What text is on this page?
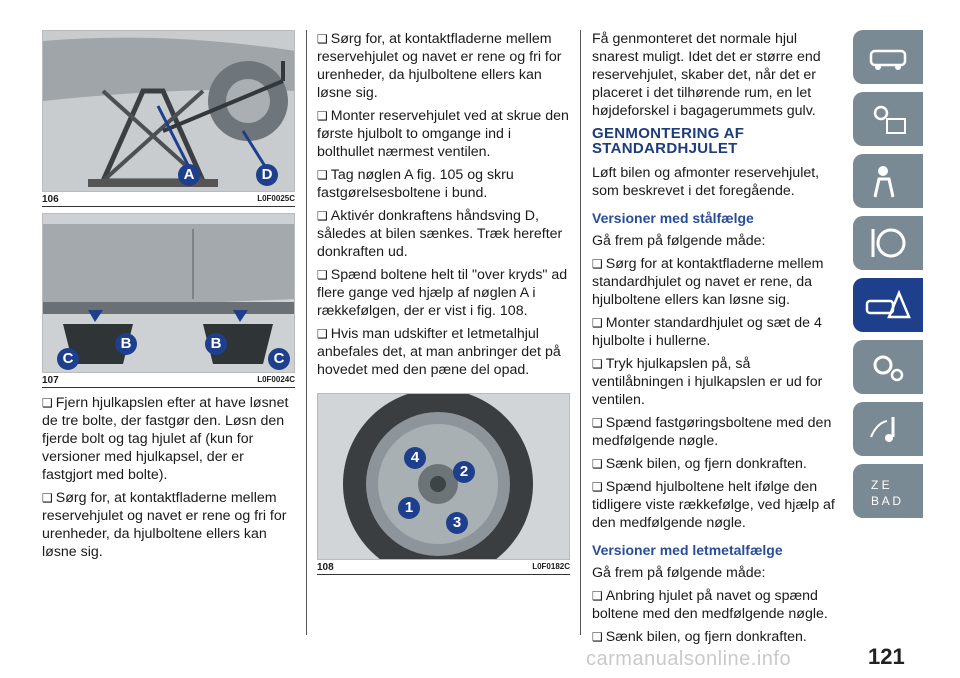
A	D
106	L0F0025C
C
B	B
C
107	L0F0024C

❑ Fjern hjulkapslen efter at have løsnet de tre bolte, der fastgør den. Løsn den fjerde bolt og tag hjulet af (kun for versioner med hjulkapsel, der er fastgjort med bolte).

❑ Sørg for, at kontaktfladerne mellem reservehjulet og navet er rene og fri for urenheder, da hjulboltene ellers kan løsne sig.

❑ Sørg for, at kontaktfladerne mellem reservehjulet og navet er rene og fri for urenheder, da hjulboltene ellers kan løsne sig.

❑ Monter reservehjulet ved at skrue den første hjulbolt to omgange ind i bolthullet nærmest ventilen.

❑ Tag nøglen A fig. 105 og skru fastgørelsesboltene i bund.

❑ Aktivér donkraftens håndsving D, således at bilen sænkes. Træk herefter donkraften ud.

❑ Spænd boltene helt til "over kryds" ad flere gange ved hjælp af nøglen A i rækkefølgen, der er vist i fig. 108.

❑ Hvis man udskifter et letmetalhjul anbefales det, at man anbringer det på hovedet med den pæne del opad.

4
2
1
3
108	L0F0182C

Få genmonteret det normale hjul snarest muligt. Idet det er større end reservehjulet, skaber det, når det er placeret i det tilhørende rum, en let højdeforskel i bagagerummets gulv.

GENMONTERING AF STANDARDHJULET

Løft bilen og afmonter reservehjulet, som beskrevet i det foregående.

Versioner med stålfælge

Gå frem på følgende måde:

❑ Sørg for at kontaktfladerne mellem standardhjulet og navet er rene, da hjulboltene ellers kan løsne sig.

❑ Monter standardhjulet og sæt de 4 hjulbolte i hullerne.

❑ Tryk hjulkapslen på, så ventilåbningen i hjulkapslen er ud for ventilen.

❑ Spænd fastgøringsboltene med den medfølgende nøgle.

❑ Sænk bilen, og fjern donkraften.

❑ Spænd hjulboltene helt ifølge den tidligere viste rækkefølge, ved hjælp af den medfølgende nøgle.

Versioner med letmetalfælge

Gå frem på følgende måde:

❑ Anbring hjulet på navet og spænd boltene med den medfølgende nøgle.

❑ Sænk bilen, og fjern donkraften.

Z E
B A D
carmanualsonline.info	121
